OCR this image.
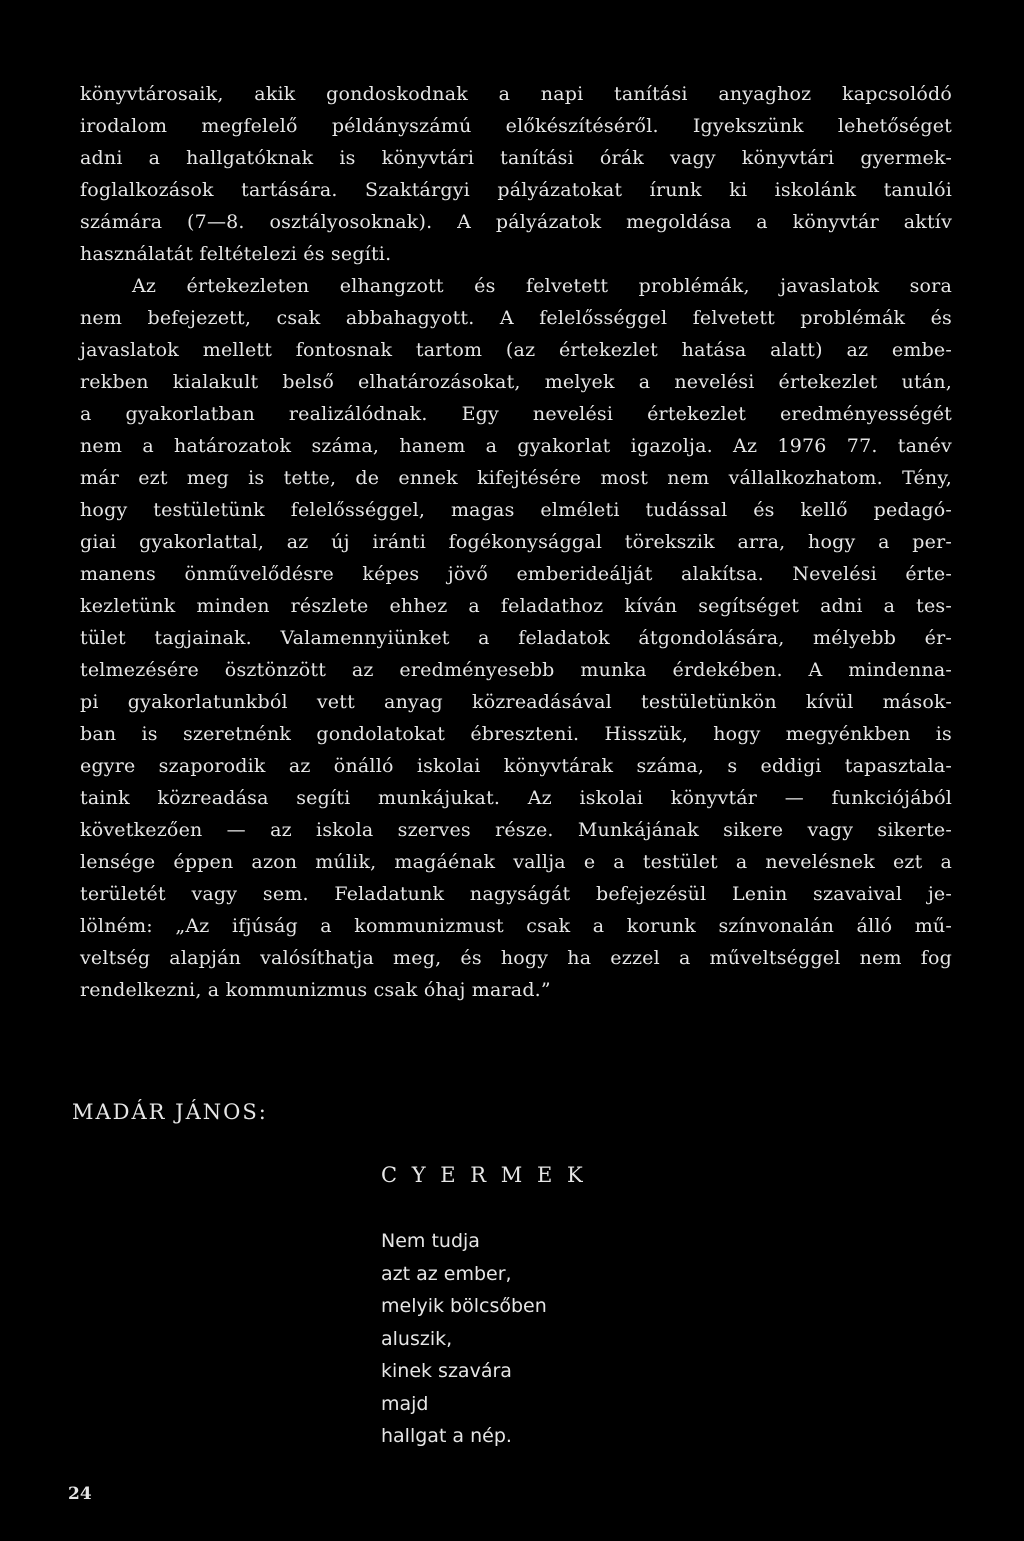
könyvtárosaik, akik gondoskodnak a napi tanítási anyaghoz kapcsolódó
irodalom megfelelő példányszámú előkészítéséről. Igyekszünk lehetőséget
adni a hallgatóknak is könyvtári tanítási órák vagy könyvtári gyermek-
foglalkozások tartására. Szaktárgyi pályázatokat írunk ki iskolánk tanulói
számára (7—8. osztályosoknak). A pályázatok megoldása a könyvtár aktív
használatát feltételezi és segíti.
Az értekezleten elhangzott és felvetett problémák, javaslatok sora
nem befejezett, csak abbahagyott. A felelősséggel felvetett problémák és
javaslatok mellett fontosnak tartom (az értekezlet hatása alatt) az embe-
rekben kialakult belső elhatározásokat, melyek a nevelési értekezlet után,
a gyakorlatban realizálódnak. Egy nevelési értekezlet eredményességét
nem a határozatok száma, hanem a gyakorlat igazolja. Az 1976 77. tanév
már ezt meg is tette, de ennek kifejtésére most nem vállalkozhatom. Tény,
hogy testületünk felelősséggel, magas elméleti tudással és kellő pedagó-
giai gyakorlattal, az új iránti fogékonysággal törekszik arra, hogy a per-
manens önművelődésre képes jövő emberideálját alakítsa. Nevelési érte-
kezletünk minden részlete ehhez a feladathoz kíván segítséget adni a tes-
tület tagjainak. Valamennyiünket a feladatok átgondolására, mélyebb ér-
telmezésére ösztönzött az eredményesebb munka érdekében. A mindenna-
pi gyakorlatunkból vett anyag közreadásával testületünkön kívül mások-
ban is szeretnénk gondolatokat ébreszteni. Hisszük, hogy megyénkben is
egyre szaporodik az önálló iskolai könyvtárak száma, s eddigi tapasztala-
taink közreadása segíti munkájukat. Az iskolai könyvtár — funkciójából
következően — az iskola szerves része. Munkájának sikere vagy sikerte-
lensége éppen azon múlik, magáénak vallja e a testület a nevelésnek ezt a
területét vagy sem. Feladatunk nagyságát befejezésül Lenin szavaival je-
lölném: „Az ifjúság a kommunizmust csak a korunk színvonalán álló mű-
veltség alapján valósíthatja meg, és hogy ha ezzel a műveltséggel nem fog
rendelkezni, a kommunizmus csak óhaj marad.”
MADÁR JÁNOS:
C Y E R M E K
Nem tudja
azt az ember,
melyik bölcsőben
aluszik,
kinek szavára
majd
hallgat a nép.
24
